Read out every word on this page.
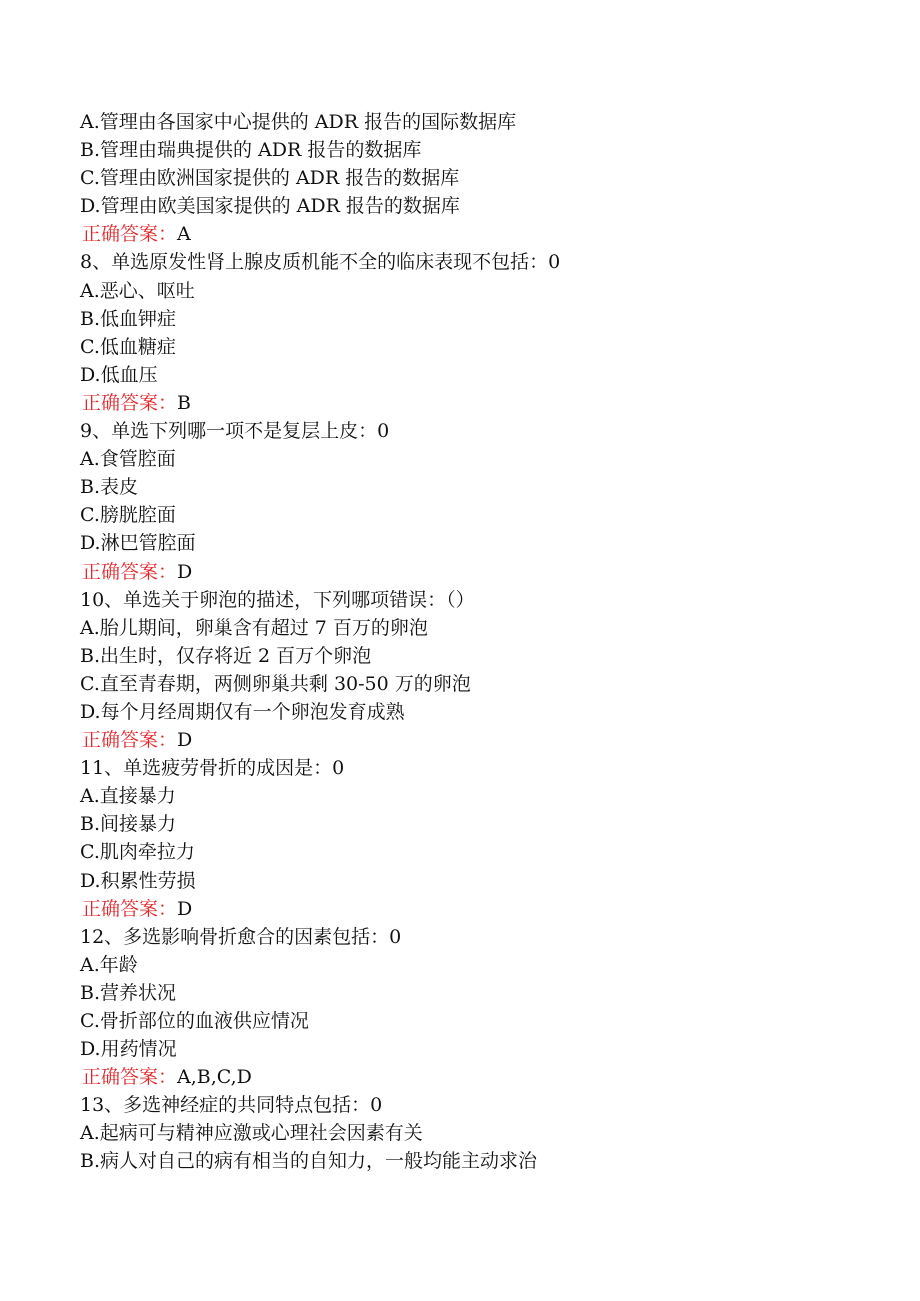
A.管理由各国家中心提供的 ADR 报告的国际数据库
B.管理由瑞典提供的 ADR 报告的数据库
C.管理由欧洲国家提供的 ADR 报告的数据库
D.管理由欧美国家提供的 ADR 报告的数据库
正确答案：A
8、单选原发性肾上腺皮质机能不全的临床表现不包括：0
A.恶心、呕吐
B.低血钾症
C.低血糖症
D.低血压
正确答案：B
9、单选下列哪一项不是复层上皮：0
A.食管腔面
B.表皮
C.膀胱腔面
D.淋巴管腔面
正确答案：D
10、单选关于卵泡的描述，下列哪项错误：（）
A.胎儿期间，卵巢含有超过 7 百万的卵泡
B.出生时，仅存将近 2 百万个卵泡
C.直至青春期，两侧卵巢共剩 30-50 万的卵泡
D.每个月经周期仅有一个卵泡发育成熟
正确答案：D
11、单选疲劳骨折的成因是：0
A.直接暴力
B.间接暴力
C.肌肉牵拉力
D.积累性劳损
正确答案：D
12、多选影响骨折愈合的因素包括：0
A.年龄
B.营养状况
C.骨折部位的血液供应情况
D.用药情况
正确答案：A,B,C,D
13、多选神经症的共同特点包括：0
A.起病可与精神应激或心理社会因素有关
B.病人对自己的病有相当的自知力，一般均能主动求治
